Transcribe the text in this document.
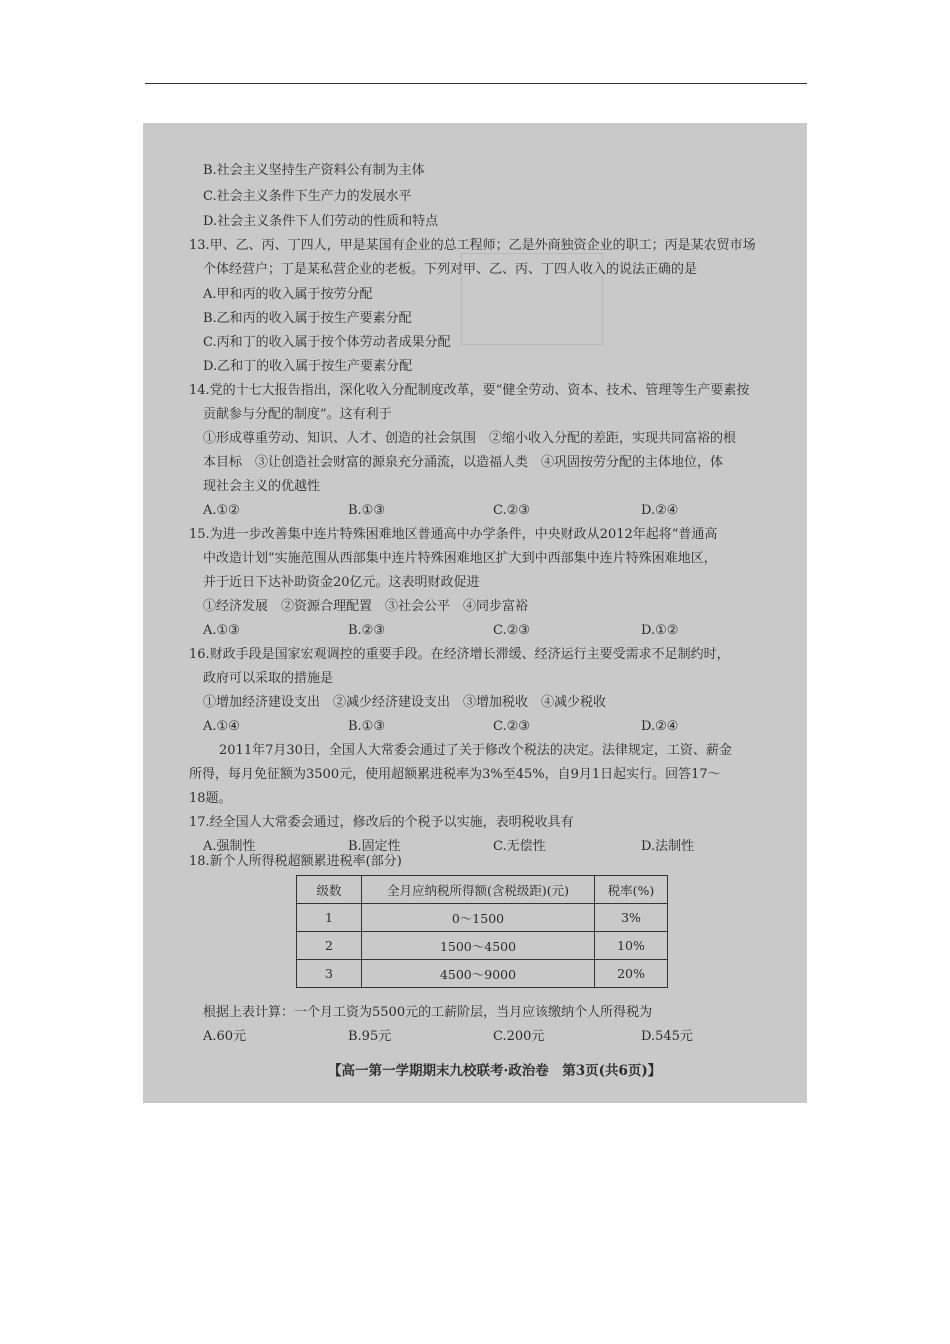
B.社会主义坚持生产资料公有制为主体
C.社会主义条件下生产力的发展水平
D.社会主义条件下人们劳动的性质和特点
13.甲、乙、丙、丁四人，甲是某国有企业的总工程师；乙是外商独资企业的职工；丙是某农贸市场
个体经营户；丁是某私营企业的老板。下列对甲、乙、丙、丁四人收入的说法正确的是
A.甲和丙的收入属于按劳分配
B.乙和丙的收入属于按生产要素分配
C.丙和丁的收入属于按个体劳动者成果分配
D.乙和丁的收入属于按生产要素分配
14.党的十七大报告指出，深化收入分配制度改革，要“健全劳动、资本、技术、管理等生产要素按
贡献参与分配的制度”。这有利于
①形成尊重劳动、知识、人才、创造的社会氛围　②缩小收入分配的差距，实现共同富裕的根
本目标　③让创造社会财富的源泉充分涌流，以造福人类　④巩固按劳分配的主体地位，体
现社会主义的优越性
A.①②	B.①③	C.②③	D.②④
15.为进一步改善集中连片特殊困难地区普通高中办学条件，中央财政从2012年起将“普通高
中改造计划”实施范围从西部集中连片特殊困难地区扩大到中西部集中连片特殊困难地区，
并于近日下达补助资金20亿元。这表明财政促进
①经济发展　②资源合理配置　③社会公平　④同步富裕
A.①③	B.②③	C.②③	D.①②
16.财政手段是国家宏观调控的重要手段。在经济增长滞缓、经济运行主要受需求不足制约时，
政府可以采取的措施是
①增加经济建设支出　②减少经济建设支出　③增加税收　④减少税收
A.①④	B.①③	C.②③	D.②④
2011年7月30日，全国人大常委会通过了关于修改个税法的决定。法律规定，工资、薪金
所得，每月免征额为3500元，使用超额累进税率为3%至45%，自9月1日起实行。回答17～
18题。
17.经全国人大常委会通过，修改后的个税予以实施，表明税收具有
A.强制性	B.固定性	C.无偿性	D.法制性
18.新个人所得税超额累进税率(部分)
级数	全月应纳税所得额(含税级距)(元)	税率(%)
1	0～1500	3%
2	1500～4500	10%
3	4500～9000	20%
根据上表计算：一个月工资为5500元的工薪阶层，当月应该缴纳个人所得税为
A.60元	B.95元	C.200元	D.545元
【高一第一学期期末九校联考·政治卷　第3页(共6页)】
